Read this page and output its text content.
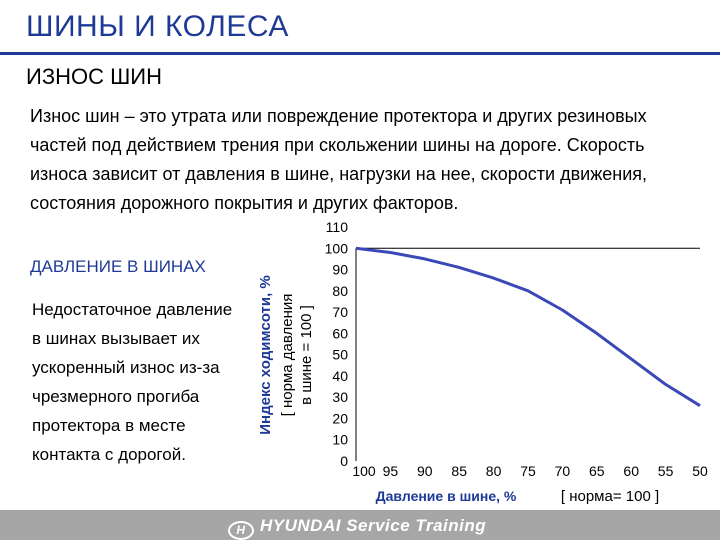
ШИНЫ И КОЛЕСА
ИЗНОС ШИН
Износ шин – это утрата или повреждение протектора и других резиновых частей под действием трения при скольжении шины на дороге. Скорость износа зависит от давления в шине, нагрузки на нее, скорости движения, состояния дорожного покрытия и других факторов.
ДАВЛЕНИЕ В ШИНАХ
Недостаточное давление в шинах вызывает их ускоренный износ из-за чрезмерного прогиба протектора в месте контакта с дорогой.
110
100
90
80
70
60
50
40
30
20
10
0
100 95 90 85 80 75 70 65 60 55 50
Индекс ходимсоти, % [ норма давления в шине = 100 ]
Давление в шине, %	[ норма= 100 ]
H HYUNDAI Service Training
